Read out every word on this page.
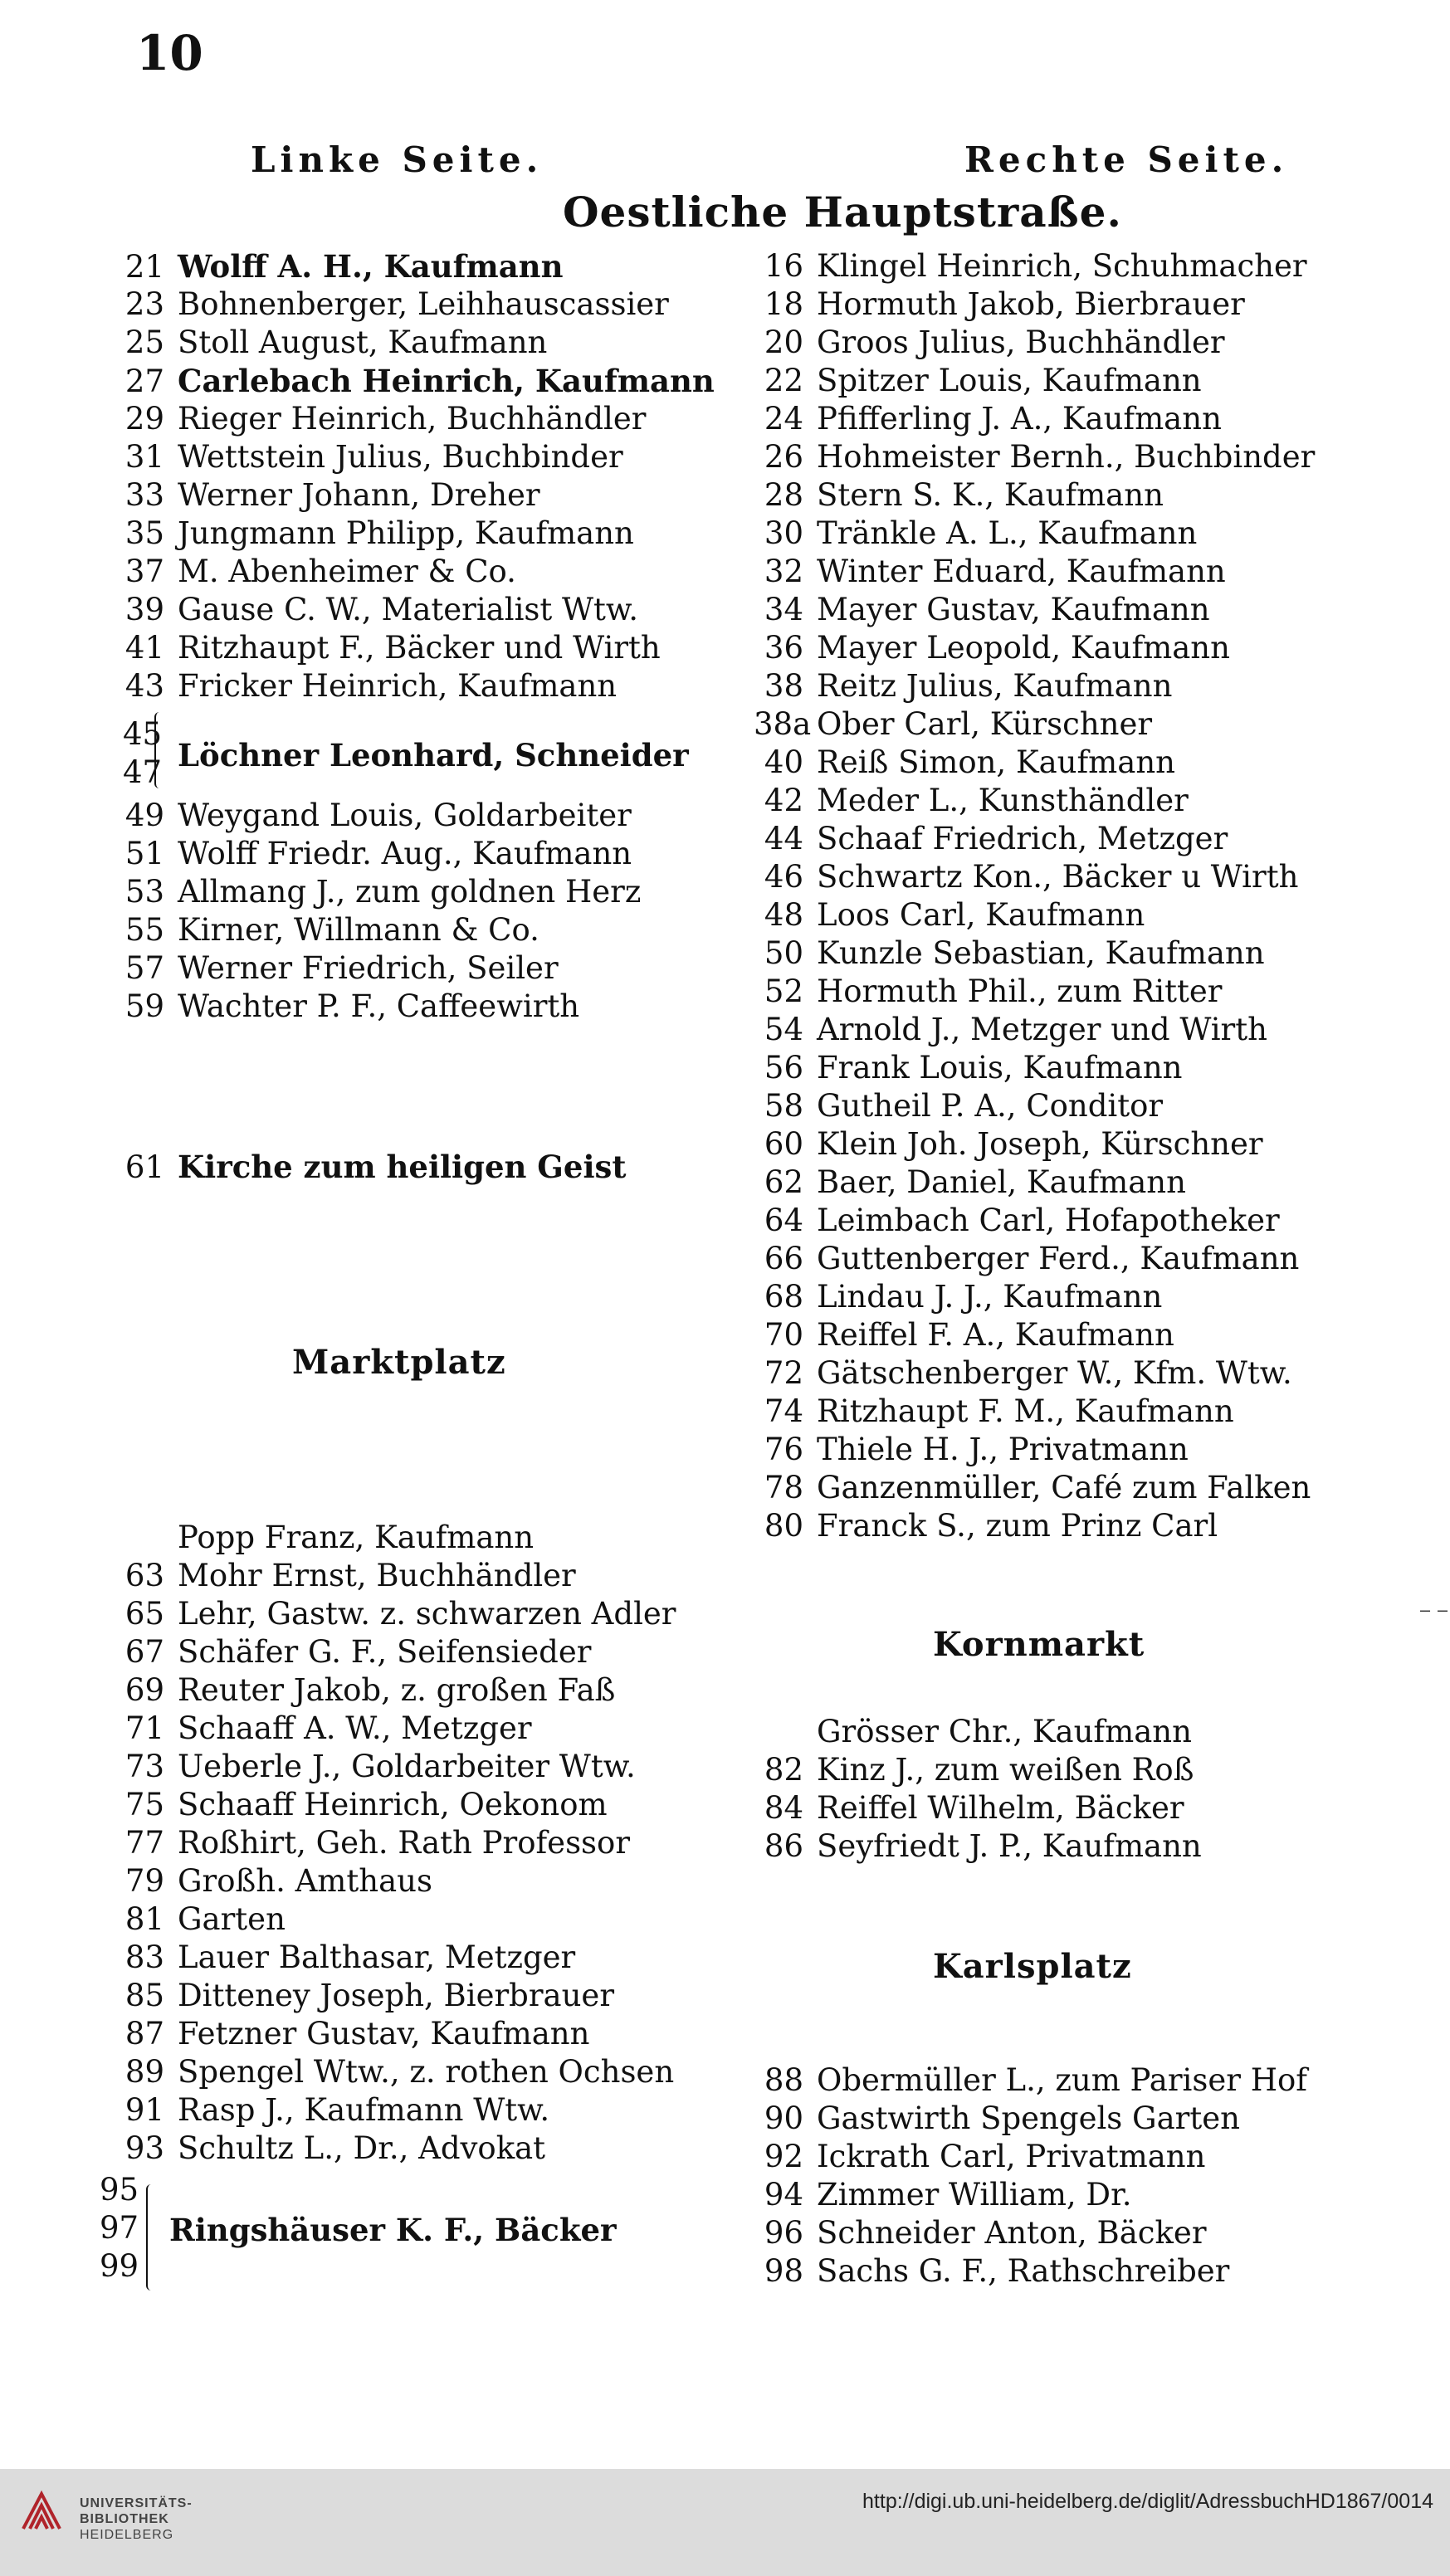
10
Linke Seite.	Rechte Seite.
Oestliche Hauptstraße.
21 Wolff A. H., Kaufmann
23 Bohnenberger, Leihhauscassier
25 Stoll August, Kaufmann
27 Carlebach Heinrich, Kaufmann
29 Rieger Heinrich, Buchhändler
31 Wettstein Julius, Buchbinder
33 Werner Johann, Dreher
35 Jungmann Philipp, Kaufmann
37 M. Abenheimer & Co.
39 Gause C. W., Materialist Wtw.
41 Ritzhaupt F., Bäcker und Wirth
43 Fricker Heinrich, Kaufmann
45
47 Löchner Leonhard, Schneider
49 Weygand Louis, Goldarbeiter
51 Wolff Friedr. Aug., Kaufmann
53 Allmang J., zum goldnen Herz
55 Kirner, Willmann & Co.
57 Werner Friedrich, Seiler
59 Wachter P. F., Caffeewirth
61 Kirche zum heiligen Geist
Marktplatz
Popp Franz, Kaufmann
63 Mohr Ernst, Buchhändler
65 Lehr, Gastw. z. schwarzen Adler
67 Schäfer G. F., Seifensieder
69 Reuter Jakob, z. großen Faß
71 Schaaff A. W., Metzger
73 Ueberle J., Goldarbeiter Wtw.
75 Schaaff Heinrich, Oekonom
77 Roßhirt, Geh. Rath Professor
79 Großh. Amthaus
81 Garten
83 Lauer Balthasar, Metzger
85 Ditteney Joseph, Bierbrauer
87 Fetzner Gustav, Kaufmann
89 Spengel Wtw., z. rothen Ochsen
91 Rasp J., Kaufmann Wtw.
93 Schultz L., Dr., Advokat
95
97
99
Ringshäuser K. F., Bäcker
16 Klingel Heinrich, Schuhmacher
18 Hormuth Jakob, Bierbrauer
20 Groos Julius, Buchhändler
22 Spitzer Louis, Kaufmann
24 Pfifferling J. A., Kaufmann
26 Hohmeister Bernh., Buchbinder
28 Stern S. K., Kaufmann
30 Tränkle A. L., Kaufmann
32 Winter Eduard, Kaufmann
34 Mayer Gustav, Kaufmann
36 Mayer Leopold, Kaufmann
38 Reitz Julius, Kaufmann
38a Ober Carl, Kürschner
40 Reiß Simon, Kaufmann
42 Meder L., Kunsthändler
44 Schaaf Friedrich, Metzger
46 Schwartz Kon., Bäcker u Wirth
48 Loos Carl, Kaufmann
50 Kunzle Sebastian, Kaufmann
52 Hormuth Phil., zum Ritter
54 Arnold J., Metzger und Wirth
56 Frank Louis, Kaufmann
58 Gutheil P. A., Conditor
60 Klein Joh. Joseph, Kürschner
62 Baer, Daniel, Kaufmann
64 Leimbach Carl, Hofapotheker
66 Guttenberger Ferd., Kaufmann
68 Lindau J. J., Kaufmann
70 Reiffel F. A., Kaufmann
72 Gätschenberger W., Kfm. Wtw.
74 Ritzhaupt F. M., Kaufmann
76 Thiele H. J., Privatmann
78 Ganzenmüller, Café zum Falken
80 Franck S., zum Prinz Carl
Kornmarkt
Grösser Chr., Kaufmann
82 Kinz J., zum weißen Roß
84 Reiffel Wilhelm, Bäcker
86 Seyfriedt J. P., Kaufmann
Karlsplatz
88 Obermüller L., zum Pariser Hof
90 Gastwirth Spengels Garten
92 Ickrath Carl, Privatmann
94 Zimmer William, Dr.
96 Schneider Anton, Bäcker
98 Sachs G. F., Rathschreiber
‒ ‒
UNIVERSITÄTS-
BIBLIOTHEK
HEIDELBERG
http://digi.ub.uni-heidelberg.de/diglit/AdressbuchHD1867/0014
